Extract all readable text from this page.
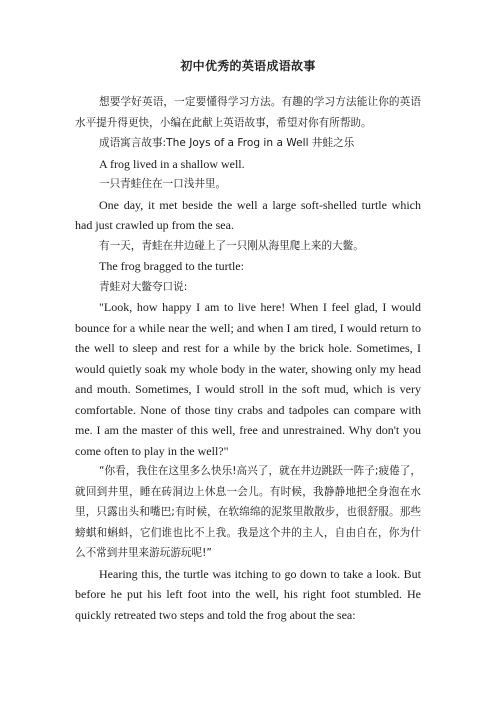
初中优秀的英语成语故事

想要学好英语，一定要懂得学习方法。有趣的学习方法能让你的英语水平提升得更快，小编在此献上英语故事，希望对你有所帮助。

成语寓言故事:The Joys of a Frog in a Well 井蛙之乐

A frog lived in a shallow well.

一只青蛙住在一口浅井里。

One day, it met beside the well a large soft-shelled turtle which had just crawled up from the sea.

有一天，青蛙在井边碰上了一只刚从海里爬上来的大鳖。

The frog bragged to the turtle:

青蛙对大鳖夸口说:

"Look, how happy I am to live here! When I feel glad, I would bounce for a while near the well; and when I am tired, I would return to the well to sleep and rest for a while by the brick hole. Sometimes, I would quietly soak my whole body in the water, showing only my head and mouth. Sometimes, I would stroll in the soft mud, which is very comfortable. None of those tiny crabs and tadpoles can compare with me. I am the master of this well, free and unrestrained. Why don't you come often to play in the well?"

“你看，我住在这里多么快乐!高兴了，就在井边跳跃一阵子;疲倦了，就回到井里，睡在砖洞边上休息一会儿。有时候，我静静地把全身泡在水里，只露出头和嘴巴;有时候，在软绵绵的泥浆里散散步，也很舒服。那些螃蜞和蝌蚪，它们谁也比不上我。我是这个井的主人，自由自在，你为什么不常到井里来游玩游玩呢!”

Hearing this, the turtle was itching to go down to take a look. But before he put his left foot into the well, his right foot stumbled. He quickly retreated two steps and told the frog about the sea:
